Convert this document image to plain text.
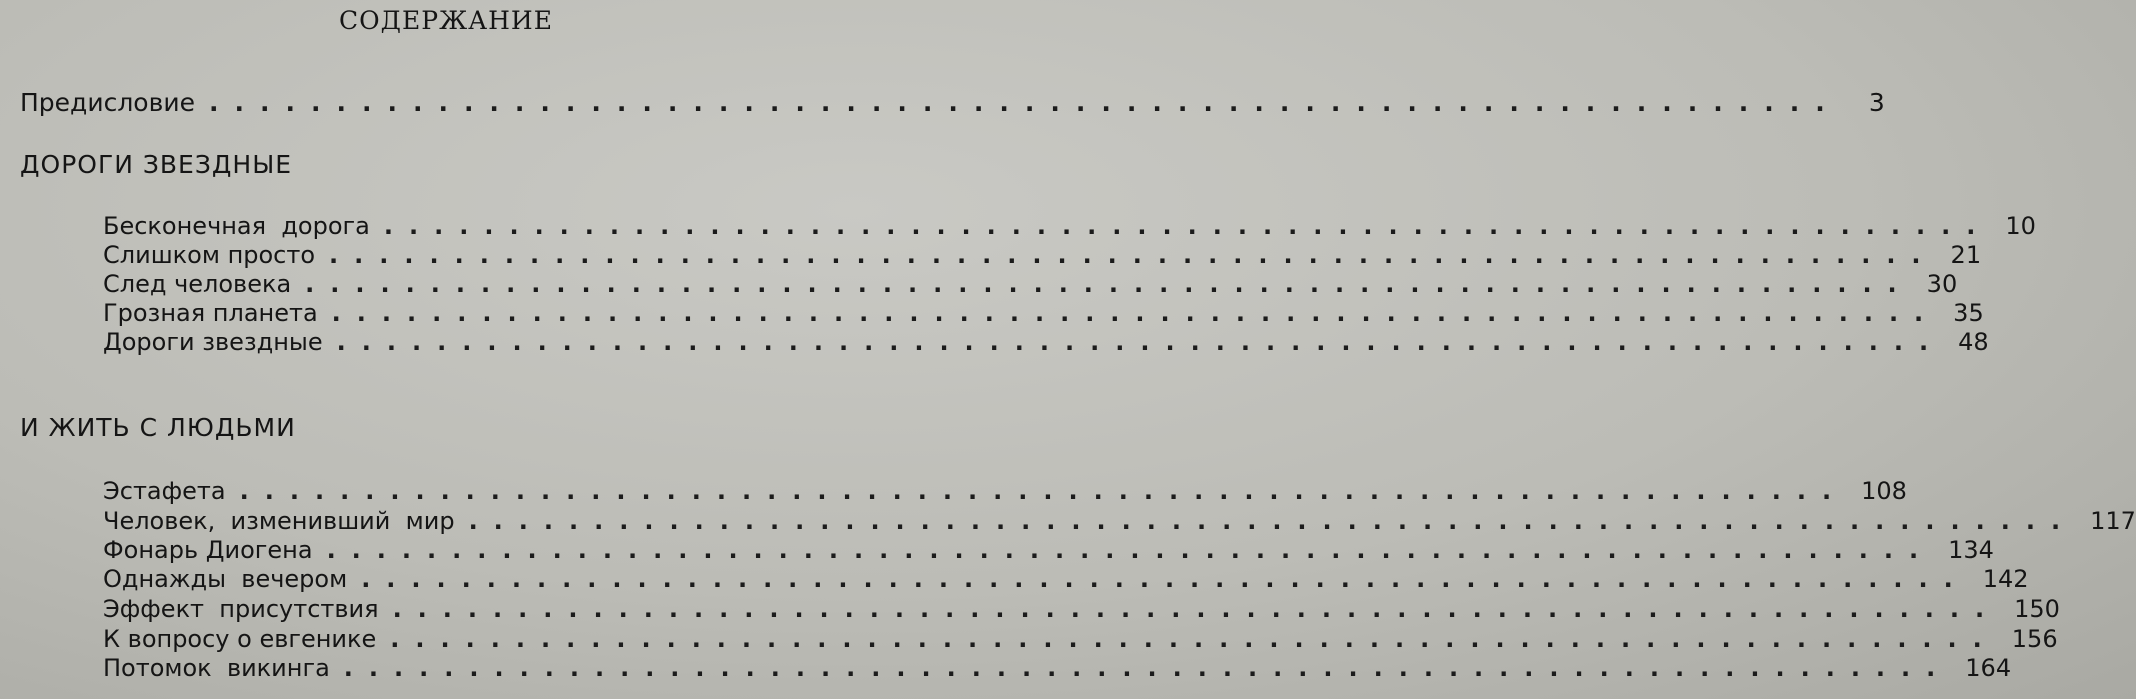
СОДЕРЖАНИЕ
Предисловие ................................................................	3
ДОРОГИ ЗВЕЗДНЫЕ
Бесконечная  дорога ................................................................ 10
Слишком просто ................................................................ 21
След человека ................................................................ 30
Грозная планета ................................................................ 35
Дороги звездные ................................................................ 48
И ЖИТЬ С ЛЮДЬМИ
Эстафета ................................................................ 108
Человек,  изменивший  мир ................................................................ 117
Фонарь Диогена ................................................................ 134
Однажды  вечером ................................................................ 142
Эффект  присутствия ................................................................ 150
К вопросу о евгенике ................................................................ 156
Потомок  викинга ................................................................ 164
